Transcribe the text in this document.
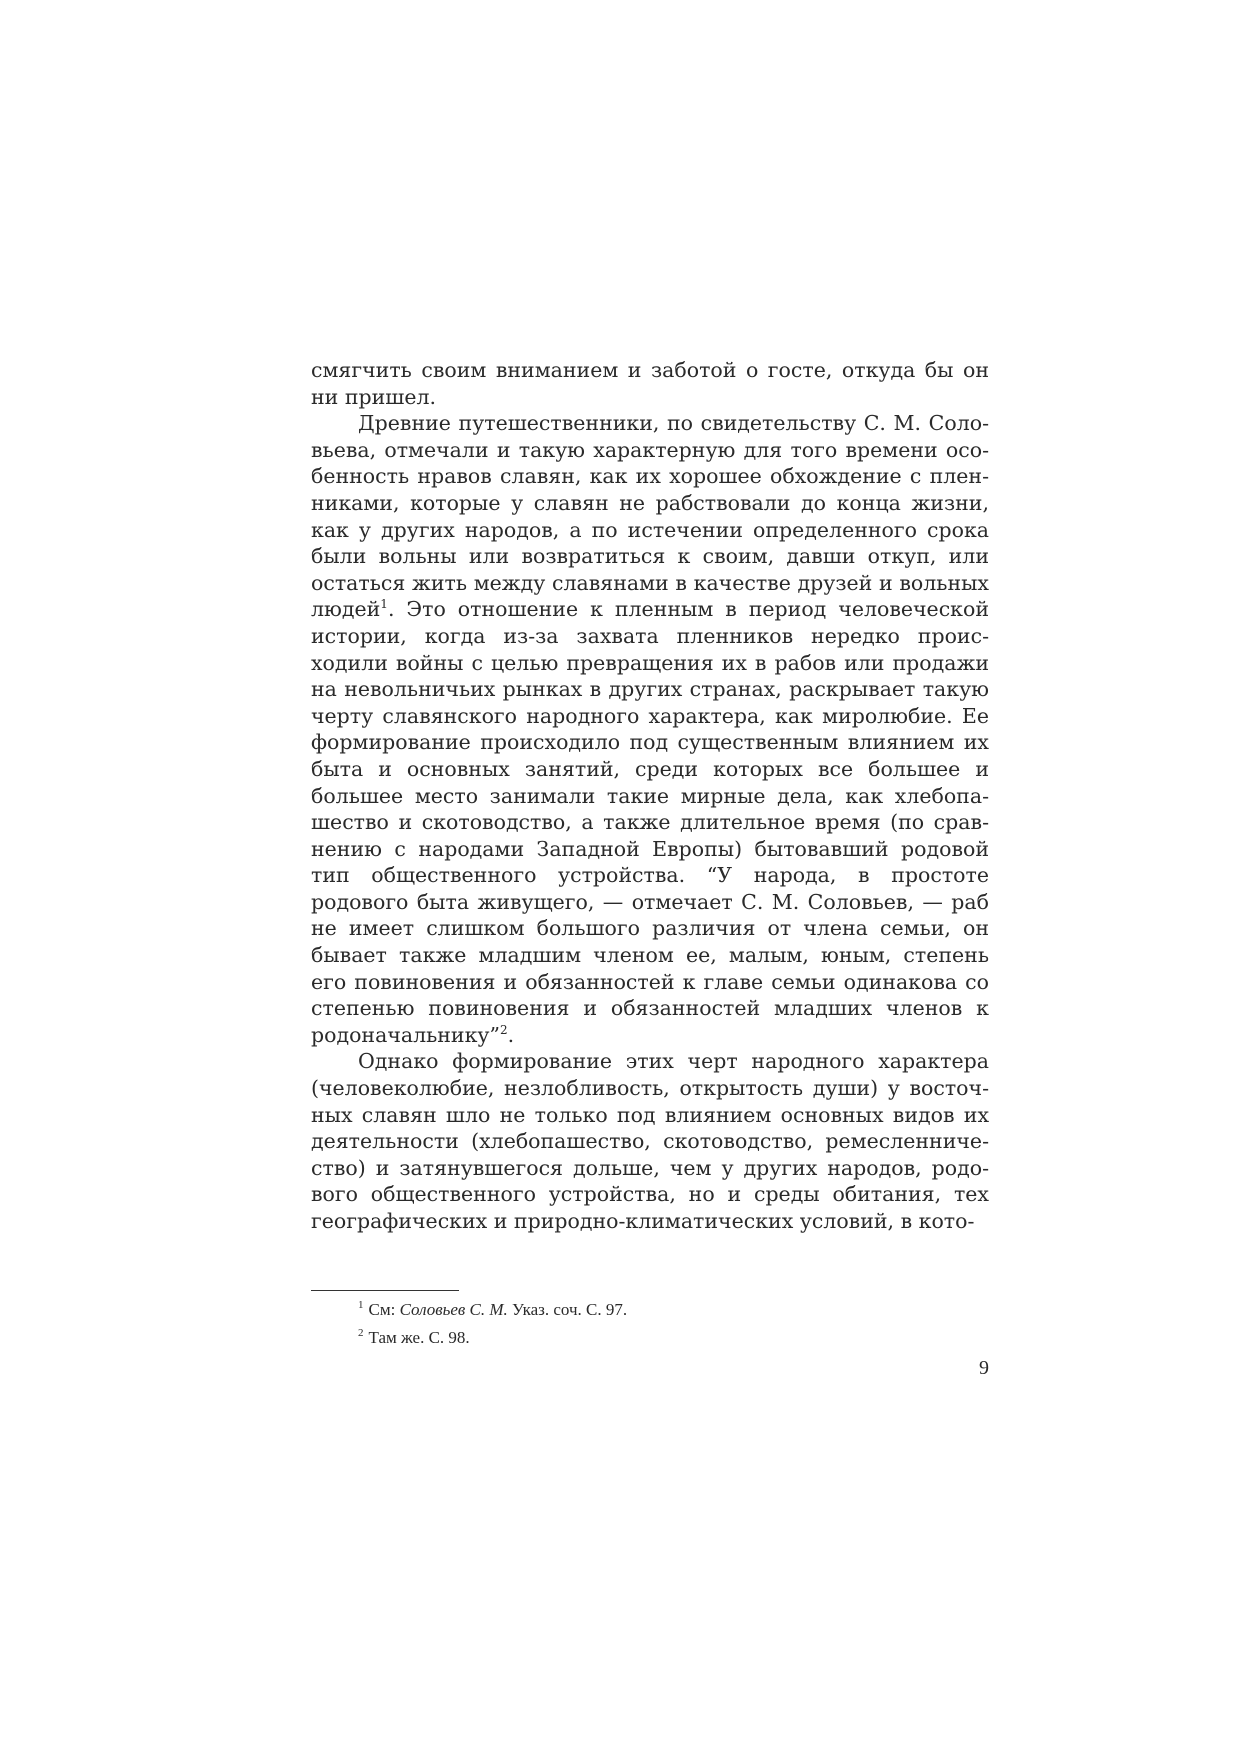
смягчить своим вниманием и заботой о госте, откуда бы он ни пришел.

Древние путешественники, по свидетельству С. М. Соловьева, отмечали и такую характерную для того времени особенность нравов славян, как их хорошее обхождение с пленниками, которые у славян не рабствовали до конца жизни, как у других народов, а по истечении определенного срока были вольны или возвратиться к своим, давши откуп, или остаться жить между славянами в качестве друзей и вольных людей$^1$. Это отношение к пленным в период человеческой истории, когда из-за захвата пленников нередко происходили войны с целью превращения их в рабов или продажи на невольничьих рынках в других странах, раскрывает такую черту славянского народного характера, как миролюбие. Ее формирование происходило под существенным влиянием их быта и основных занятий, среди которых все большее и большее место занимали такие мирные дела, как хлебопашество и скотоводство, а также длительное время (по сравнению с народами Западной Европы) бытовавший родовой тип общественного устройства. “У народа, в простоте родового быта живущего, — отмечает С. М. Соловьев, — раб не имеет слишком большого различия от члена семьи, он бывает также младшим членом ее, малым, юным, степень его повиновения и обязанностей к главе семьи одинакова со степенью повиновения и обязанностей младших членов к родоначальнику”$^2$.

Однако формирование этих черт народного характера (человеколюбие, незлобливость, открытость души) у восточных славян шло не только под влиянием основных видов их деятельности (хлебопашество, скотоводство, ремесленничество) и затянувшегося дольше, чем у других народов, родового общественного устройства, но и среды обитания, тех географических и природно-климатических условий, в кото-

$^1$ См: Соловьев С. М. Указ. соч. С. 97.

$^2$ Там же. С. 98.

9
